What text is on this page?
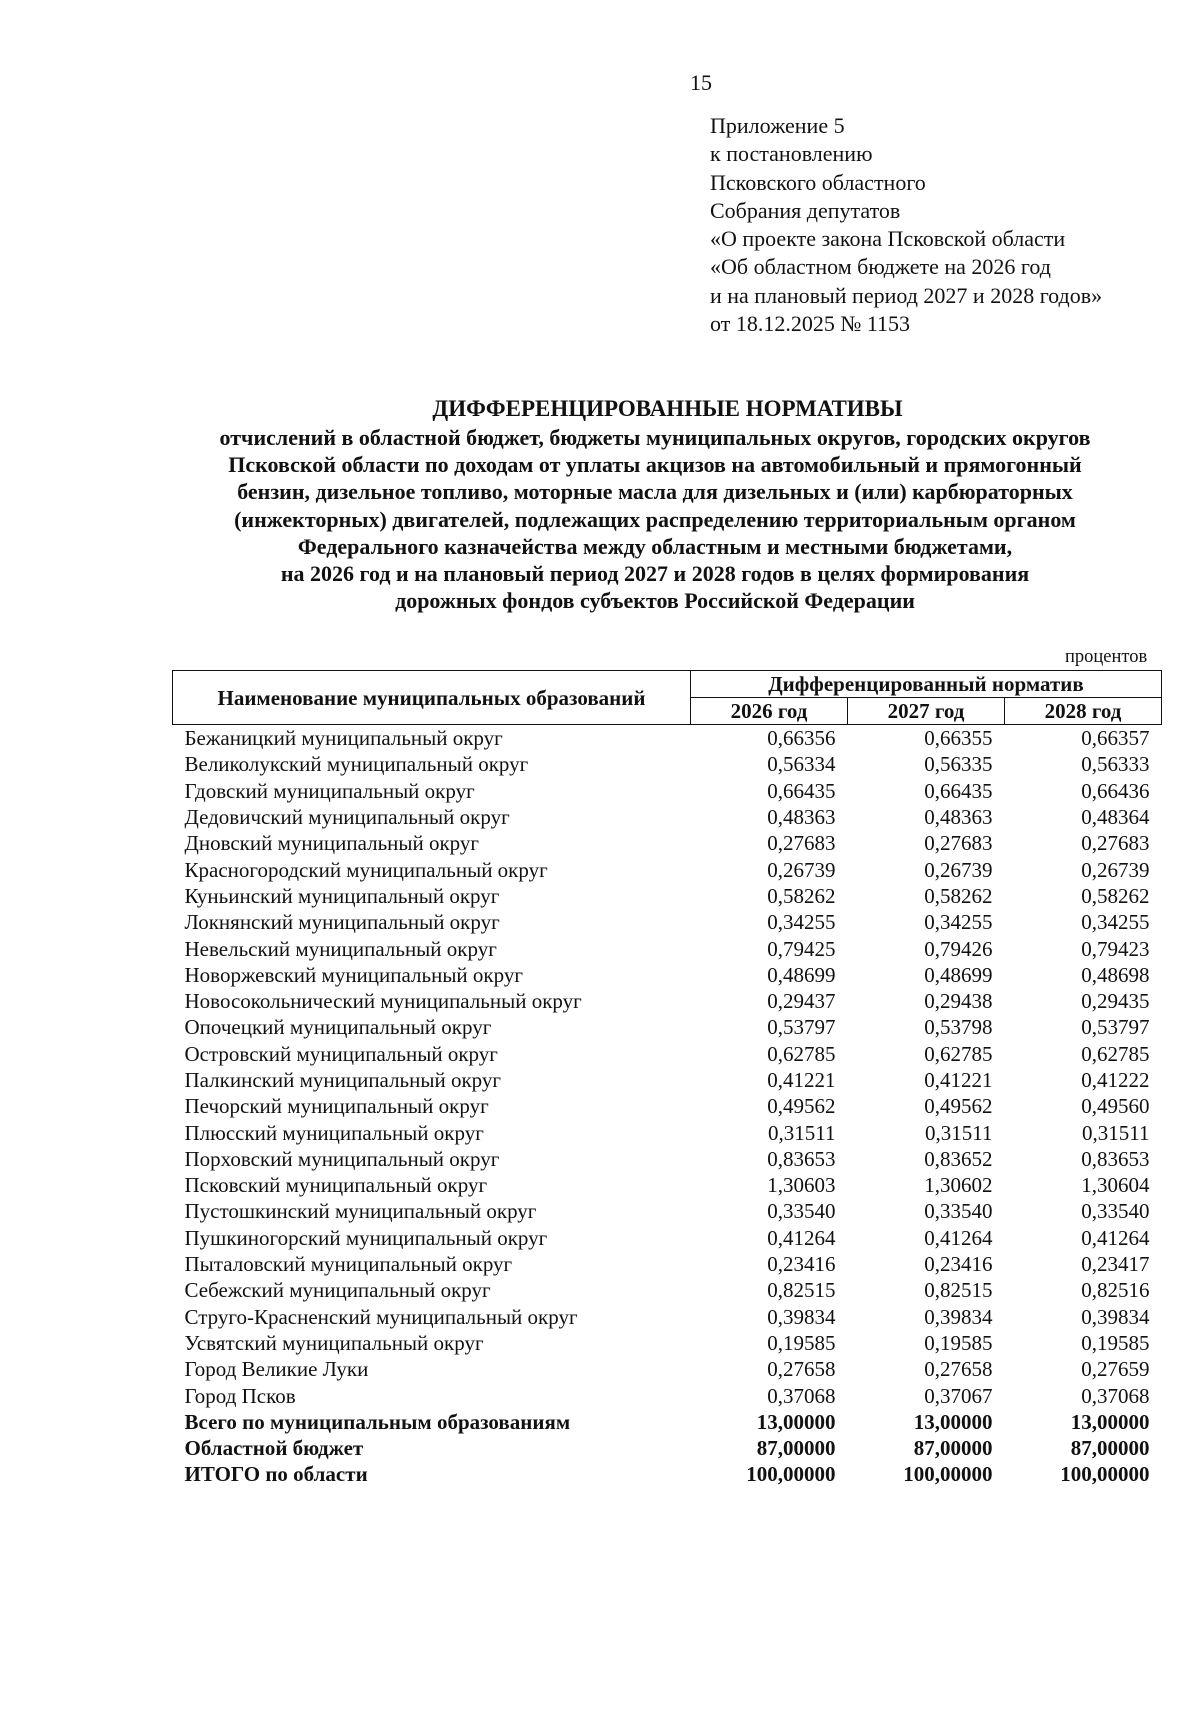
15
Приложение 5
к постановлению
Псковского областного
Собрания депутатов
«О проекте закона Псковской области
«Об областном бюджете на 2026 год
и на плановый период 2027 и 2028 годов»
от 18.12.2025 № 1153
ДИФФЕРЕНЦИРОВАННЫЕ НОРМАТИВЫ
отчислений в областной бюджет, бюджеты муниципальных округов, городских округов
Псковской области по доходам от уплаты акцизов на автомобильный и прямогонный
бензин, дизельное топливо, моторные масла для дизельных и (или) карбюраторных
(инжекторных) двигателей, подлежащих распределению территориальным органом
Федерального казначейства между областным и местными бюджетами,
на 2026 год и на плановый период 2027 и 2028 годов в целях формирования
дорожных фондов субъектов Российской Федерации
процентов
Наименование муниципальных образований	Дифференцированный норматив		
	2026 год	2027 год	2028 год
Бежаницкий муниципальный округ	0,66356	0,66355	0,66357
Великолукский муниципальный округ	0,56334	0,56335	0,56333
Гдовский муниципальный округ	0,66435	0,66435	0,66436
Дедовичский муниципальный округ	0,48363	0,48363	0,48364
Дновский муниципальный округ	0,27683	0,27683	0,27683
Красногородский муниципальный округ	0,26739	0,26739	0,26739
Куньинский муниципальный округ	0,58262	0,58262	0,58262
Локнянский муниципальный округ	0,34255	0,34255	0,34255
Невельский муниципальный округ	0,79425	0,79426	0,79423
Новоржевский муниципальный округ	0,48699	0,48699	0,48698
Новосокольнический муниципальный округ	0,29437	0,29438	0,29435
Опочецкий муниципальный округ	0,53797	0,53798	0,53797
Островский муниципальный округ	0,62785	0,62785	0,62785
Палкинский муниципальный округ	0,41221	0,41221	0,41222
Печорский муниципальный округ	0,49562	0,49562	0,49560
Плюсский муниципальный округ	0,31511	0,31511	0,31511
Порховский муниципальный округ	0,83653	0,83652	0,83653
Псковский муниципальный округ	1,30603	1,30602	1,30604
Пустошкинский муниципальный округ	0,33540	0,33540	0,33540
Пушкиногорский муниципальный округ	0,41264	0,41264	0,41264
Пыталовский муниципальный округ	0,23416	0,23416	0,23417
Себежский муниципальный округ	0,82515	0,82515	0,82516
Струго-Красненский муниципальный округ	0,39834	0,39834	0,39834
Усвятский муниципальный округ	0,19585	0,19585	0,19585
Город Великие Луки	0,27658	0,27658	0,27659
Город Псков	0,37068	0,37067	0,37068
Всего по муниципальным образованиям	13,00000	13,00000	13,00000
Областной бюджет	87,00000	87,00000	87,00000
ИТОГО по области	100,00000	100,00000	100,00000
